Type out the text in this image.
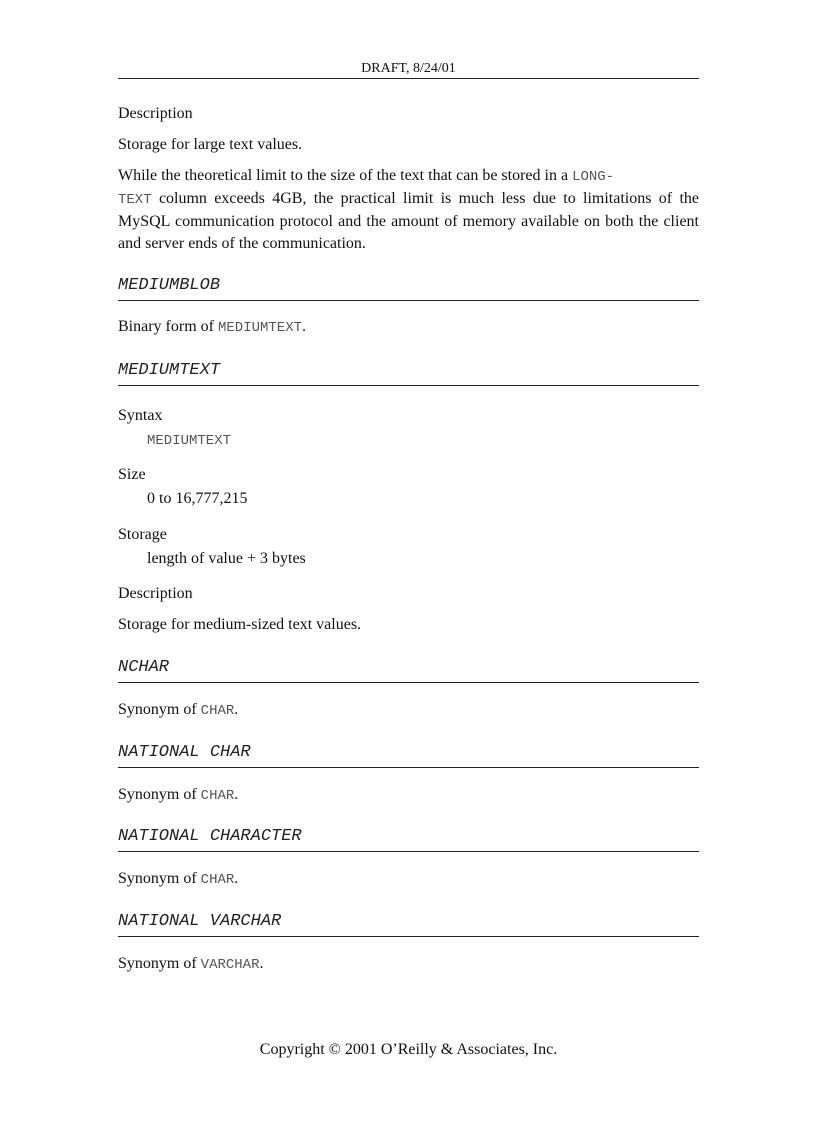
DRAFT, 8/24/01
Description
Storage for large text values.
While the theoretical limit to the size of the text that can be stored in a LONG-
TEXT column exceeds 4GB, the practical limit is much less due to limitations of the MySQL communication protocol and the amount of memory available on both the client and server ends of the communication.
MEDIUMBLOB
Binary form of MEDIUMTEXT.
MEDIUMTEXT
Syntax
MEDIUMTEXT
Size
0 to 16,777,215
Storage
length of value + 3 bytes
Description
Storage for medium-sized text values.
NCHAR
Synonym of CHAR.
NATIONAL CHAR
Synonym of CHAR.
NATIONAL CHARACTER
Synonym of CHAR.
NATIONAL VARCHAR
Synonym of VARCHAR.
Copyright © 2001 O’Reilly & Associates, Inc.
